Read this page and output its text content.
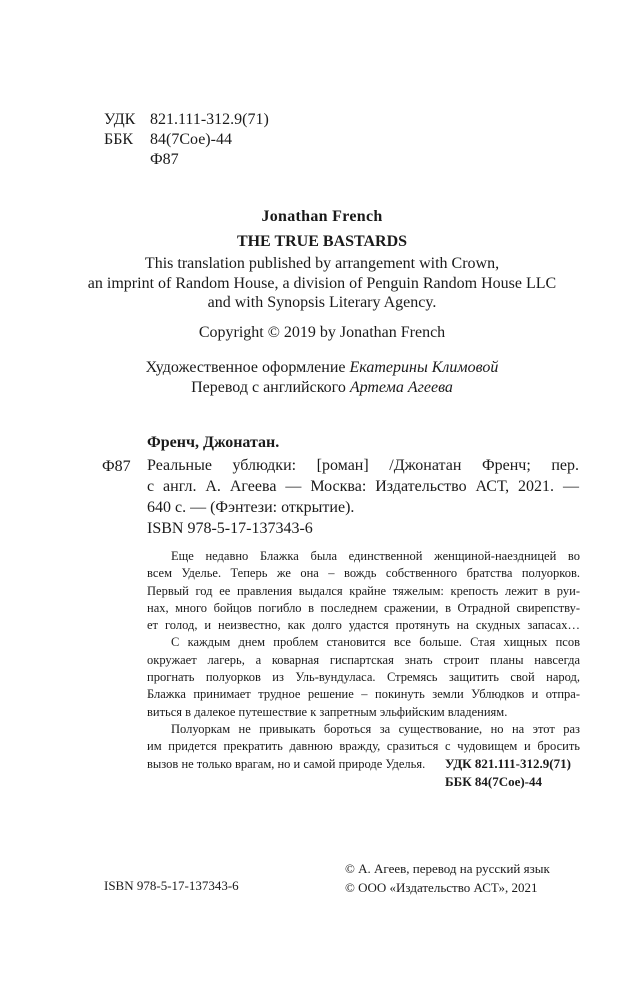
УДК 821.111-312.9(71)
ББК 84(7Сое)-44
Ф87
Jonathan French
THE TRUE BASTARDS
This translation published by arrangement with Crown,
an imprint of Random House, a division of Penguin Random House LLC
and with Synopsis Literary Agency.
Copyright © 2019 by Jonathan French
Художественное оформление Екатерины Климовой
Перевод с английского Артема Агеева
Френч, Джонатан.
Ф87 Реальные ублюдки: [роман] /Джонатан Френч; пер.
с англ. А. Агеева — Москва: Издательство АСТ, 2021. —
640 с. — (Фэнтези: открытие).
ISBN 978-5-17-137343-6
Еще недавно Блажка была единственной женщиной-наездницей во
всем Уделье. Теперь же она – вождь собственного братства полуорков.
Первый год ее правления выдался крайне тяжелым: крепость лежит в руи-
нах, много бойцов погибло в последнем сражении, в Отрадной свирепству-
ет голод, и неизвестно, как долго удастся протянуть на скудных запасах…
С каждым днем проблем становится все больше. Стая хищных псов
окружает лагерь, а коварная гиспартская знать строит планы навсегда
прогнать полуорков из Уль-вундуласа. Стремясь защитить свой народ,
Блажка принимает трудное решение – покинуть земли Ублюдков и отпра-
виться в далекое путешествие к запретным эльфийским владениям.
Полуоркам не привыкать бороться за существование, но на этот раз
им придется прекратить давнюю вражду, сразиться с чудовищем и бросить
вызов не только врагам, но и самой природе Уделья.	УДК 821.111-312.9(71)
ББК 84(7Сое)-44
ISBN 978-5-17-137343-6
© А. Агеев, перевод на русский язык
© ООО «Издательство АСТ», 2021
